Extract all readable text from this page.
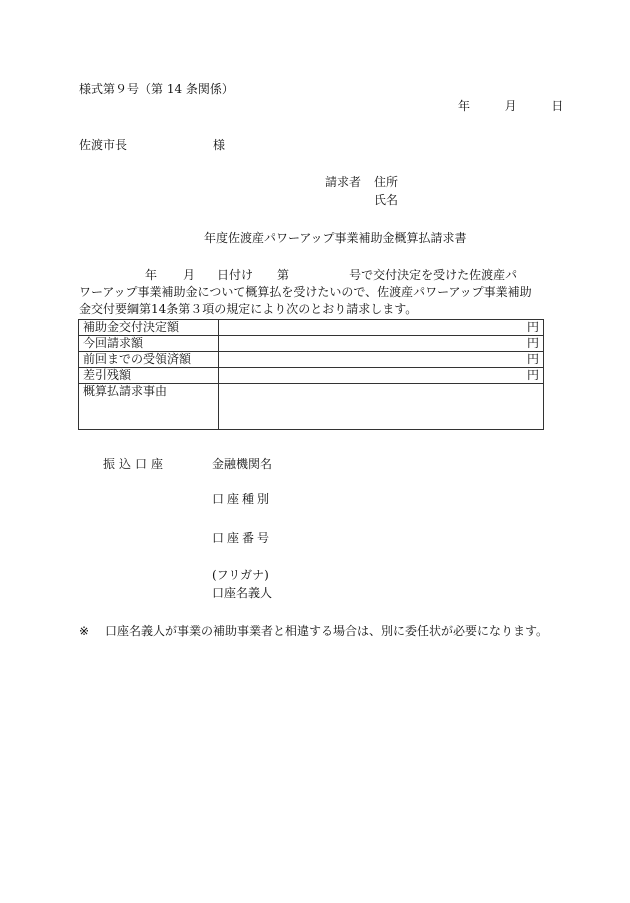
様式第９号（第 14 条関係）
年	月	日
佐渡市長	様
請求者 住所
氏名
年度佐渡産パワーアップ事業補助金概算払請求書
年 月 日付け 第	号で交付決定を受けた佐渡産パ
ワーアップ事業補助金について概算払を受けたいので、佐渡産パワーアップ事業補助
金交付要綱第14条第３項の規定により次のとおり請求します。
補助金交付決定額	円
今回請求額	円
前回までの受領済額	円
差引残額	円
概算払請求事由	
振込口座	金融機関名
口座種別
口座番号
(フリガナ)
口座名義人
※ 口座名義人が事業の補助事業者と相違する場合は、別に委任状が必要になります。
